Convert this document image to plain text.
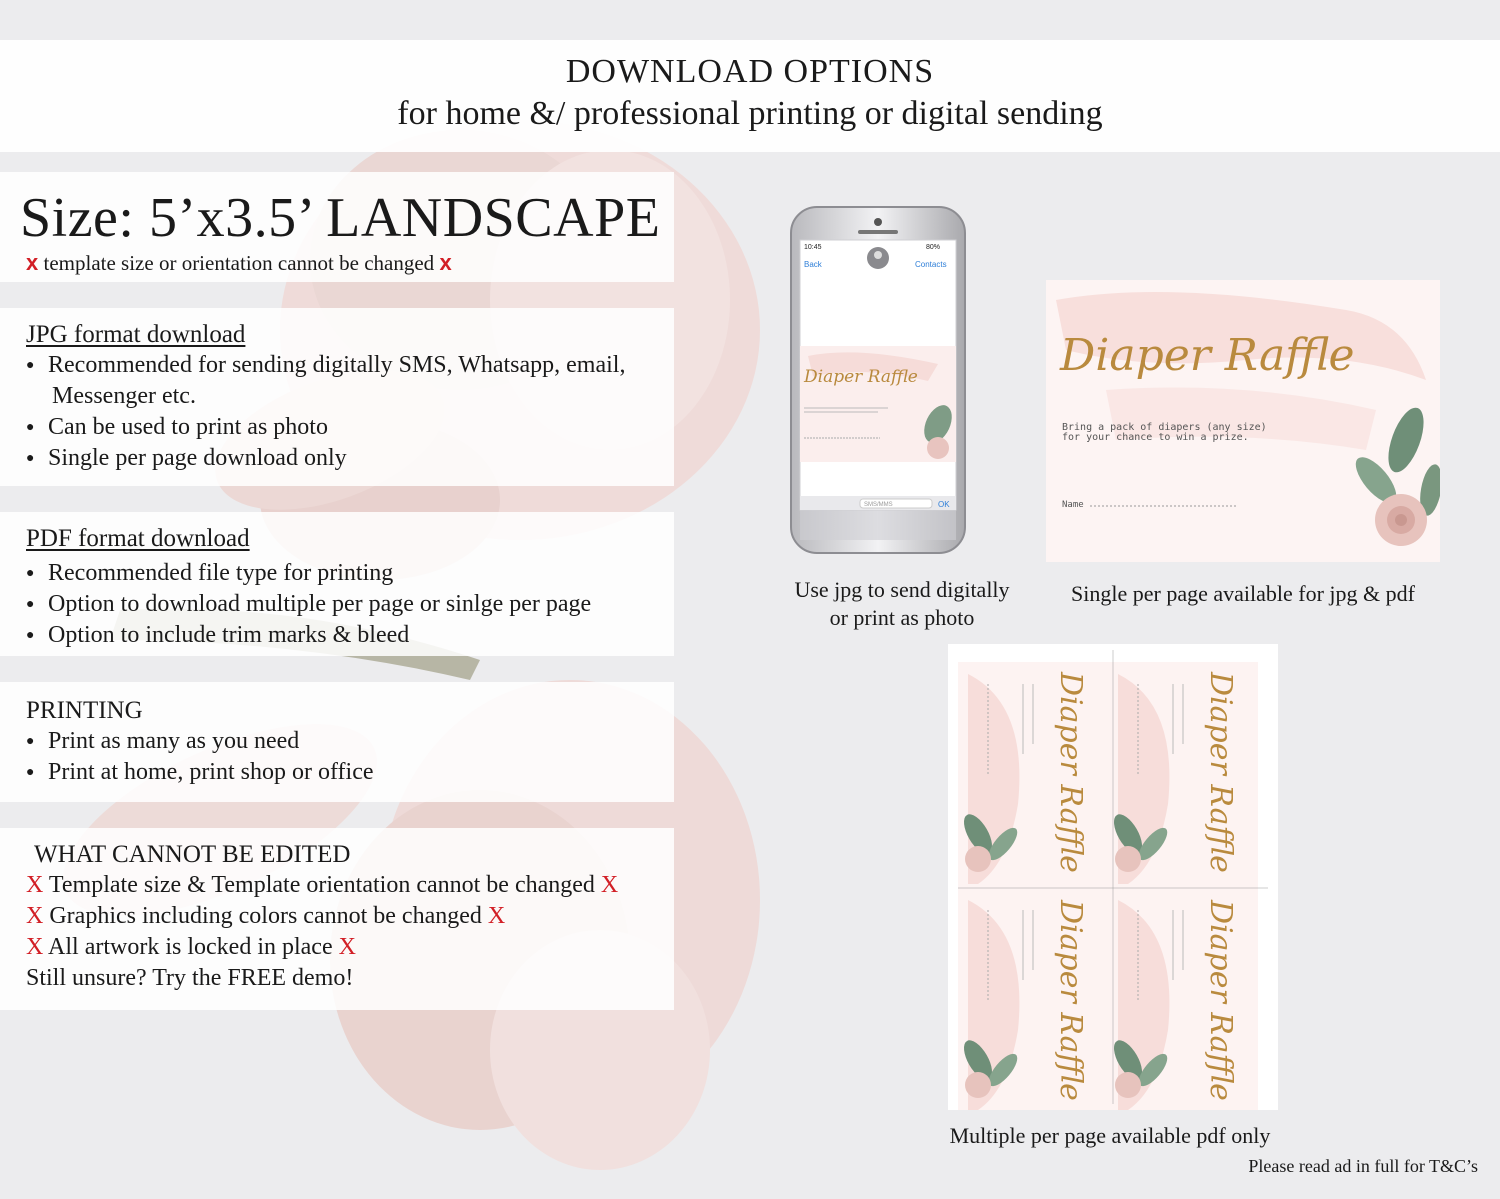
DOWNLOAD OPTIONS
for home &/ professional printing or digital sending
Size: 5’x3.5’ LANDSCAPE
x template size or orientation cannot be changed x
JPG format download
● Recommended for sending digitally SMS, Whatsapp, email,
Messenger etc.
● Can be used to print as photo
● Single per page download only
PDF format download
● Recommended file type for printing
● Option to download multiple per page or sinlge per page
● Option to include trim marks & bleed
PRINTING
● Print as many as you need
● Print at home, print shop or office
WHAT CANNOT BE EDITED
X Template size & Template orientation cannot be changed X
X Graphics including colors cannot be changed X
X All artwork is locked in place X
Still unsure? Try the FREE demo!
10:45	80%
Back	Contacts
Diaper Raffle
SMS/MMS	OK
Use jpg to send digitally
or print as photo
Diaper Raffle
Bring a pack of diapers (any size)
for your chance to win a prize.
Name
Single per page available for jpg & pdf
Diaper Raffle	Diaper Raffle
Diaper Raffle	Diaper Raffle
Multiple per page available pdf only
Please read ad in full for T&C’s
